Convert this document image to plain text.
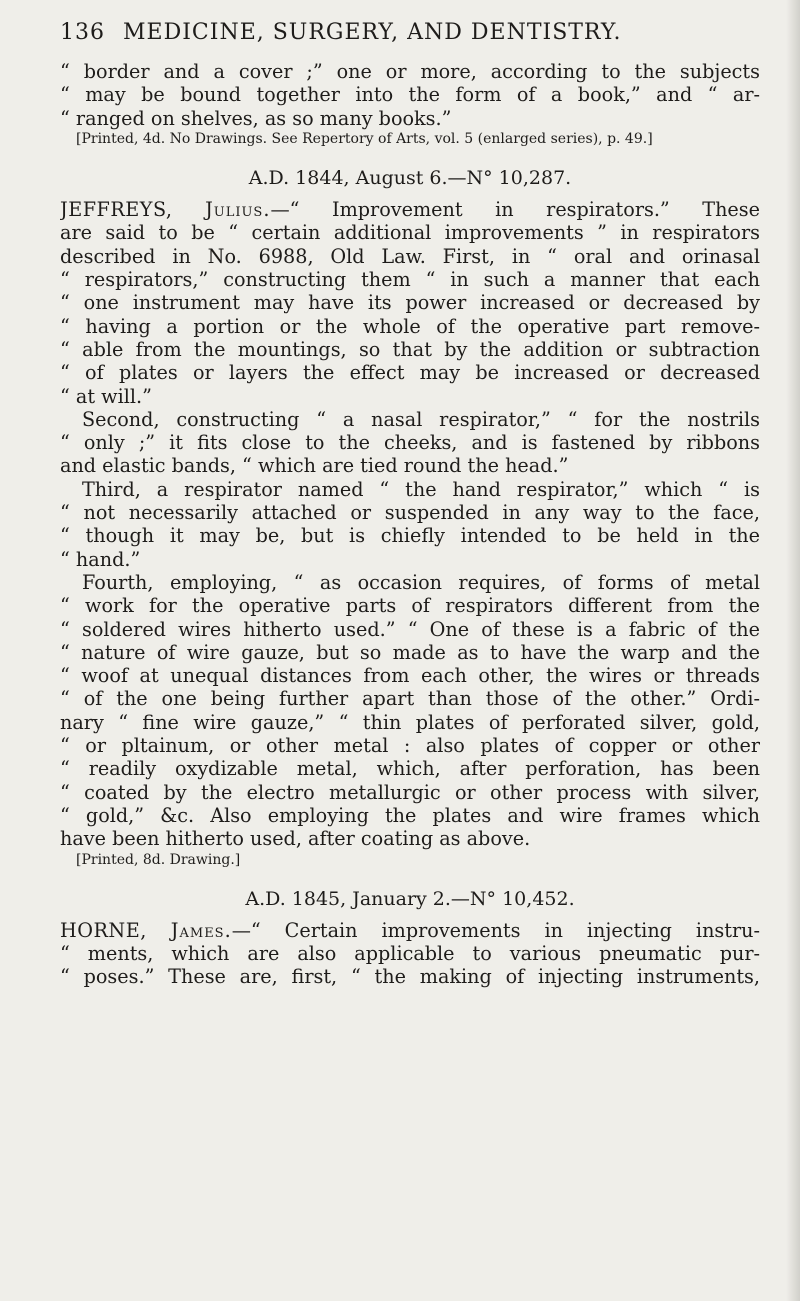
136 MEDICINE, SURGERY, AND DENTISTRY.
“ border and a cover ;” one or more, according to the subjects
“ may be bound together into the form of a book,” and “ ar-
“ ranged on shelves, as so many books.”
[Printed, 4d. No Drawings. See Repertory of Arts, vol. 5 (enlarged series), p. 49.]
A.D. 1844, August 6.—N° 10,287.
JEFFREYS, Julius.—“ Improvement in respirators.” These
are said to be “ certain additional improvements ” in respirators
described in No. 6988, Old Law. First, in “ oral and orinasal
“ respirators,” constructing them “ in such a manner that each
“ one instrument may have its power increased or decreased by
“ having a portion or the whole of the operative part remove-
“ able from the mountings, so that by the addition or subtraction
“ of plates or layers the effect may be increased or decreased
“ at will.”
Second, constructing “ a nasal respirator,” “ for the nostrils
“ only ;” it fits close to the cheeks, and is fastened by ribbons
and elastic bands, “ which are tied round the head.”
Third, a respirator named “ the hand respirator,” which “ is
“ not necessarily attached or suspended in any way to the face,
“ though it may be, but is chiefly intended to be held in the
“ hand.”
Fourth, employing, “ as occasion requires, of forms of metal
“ work for the operative parts of respirators different from the
“ soldered wires hitherto used.” “ One of these is a fabric of the
“ nature of wire gauze, but so made as to have the warp and the
“ woof at unequal distances from each other, the wires or threads
“ of the one being further apart than those of the other.” Ordi-
nary “ fine wire gauze,” “ thin plates of perforated silver, gold,
“ or pltainum, or other metal : also plates of copper or other
“ readily oxydizable metal, which, after perforation, has been
“ coated by the electro metallurgic or other process with silver,
“ gold,” &c. Also employing the plates and wire frames which
have been hitherto used, after coating as above.
[Printed, 8d. Drawing.]
A.D. 1845, January 2.—N° 10,452.
HORNE, James.—“ Certain improvements in injecting instru-
“ ments, which are also applicable to various pneumatic pur-
“ poses.” These are, first, “ the making of injecting instruments,
